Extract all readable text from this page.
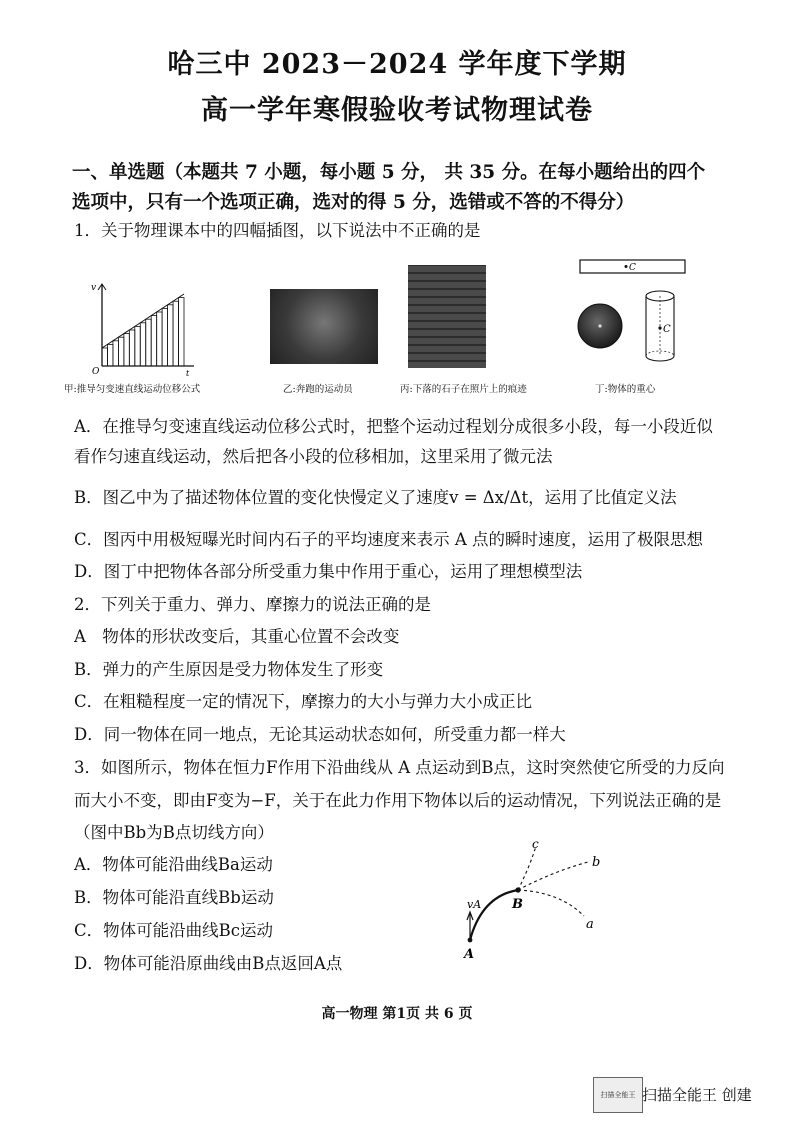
哈三中 2023－2024 学年度下学期
高一学年寒假验收考试物理试卷
一、单选题（本题共 7 小题，每小题 5 分， 共 35 分。在每小题给出的四个
选项中，只有一个选项正确，选对的得 5 分，选错或不答的不得分）
1．关于物理课本中的四幅插图，以下说法中不正确的是
v
O	t
甲:推导匀变速直线运动位移公式	乙:奔跑的运动员	丙:下落的石子在照片上的痕迹
C
C
丁:物体的重心
A．在推导匀变速直线运动位移公式时，把整个运动过程划分成很多小段，每一小段近似
看作匀速直线运动，然后把各小段的位移相加，这里采用了微元法
B．图乙中为了描述物体位置的变化快慢定义了速度v = Δx/Δt，运用了比值定义法
C．图丙中用极短曝光时间内石子的平均速度来表示 A 点的瞬时速度，运用了极限思想
D．图丁中把物体各部分所受重力集中作用于重心，运用了理想模型法
2．下列关于重力、弹力、摩擦力的说法正确的是
A　物体的形状改变后，其重心位置不会改变
B．弹力的产生原因是受力物体发生了形变
C．在粗糙程度一定的情况下，摩擦力的大小与弹力大小成正比
D．同一物体在同一地点，无论其运动状态如何，所受重力都一样大
3．如图所示，物体在恒力F作用下沿曲线从 A 点运动到B点，这时突然使它所受的力反向
而大小不变，即由F变为−F，关于在此力作用下物体以后的运动情况，下列说法正确的是
（图中Bb为B点切线方向）
A．物体可能沿曲线Ba运动
B．物体可能沿直线Bb运动
C．物体可能沿曲线Bc运动
D．物体可能沿原曲线由B点返回A点
c
b
a
B
A
vA
高一物理 第1页 共 6 页
扫描全能王 扫描全能王 创建
